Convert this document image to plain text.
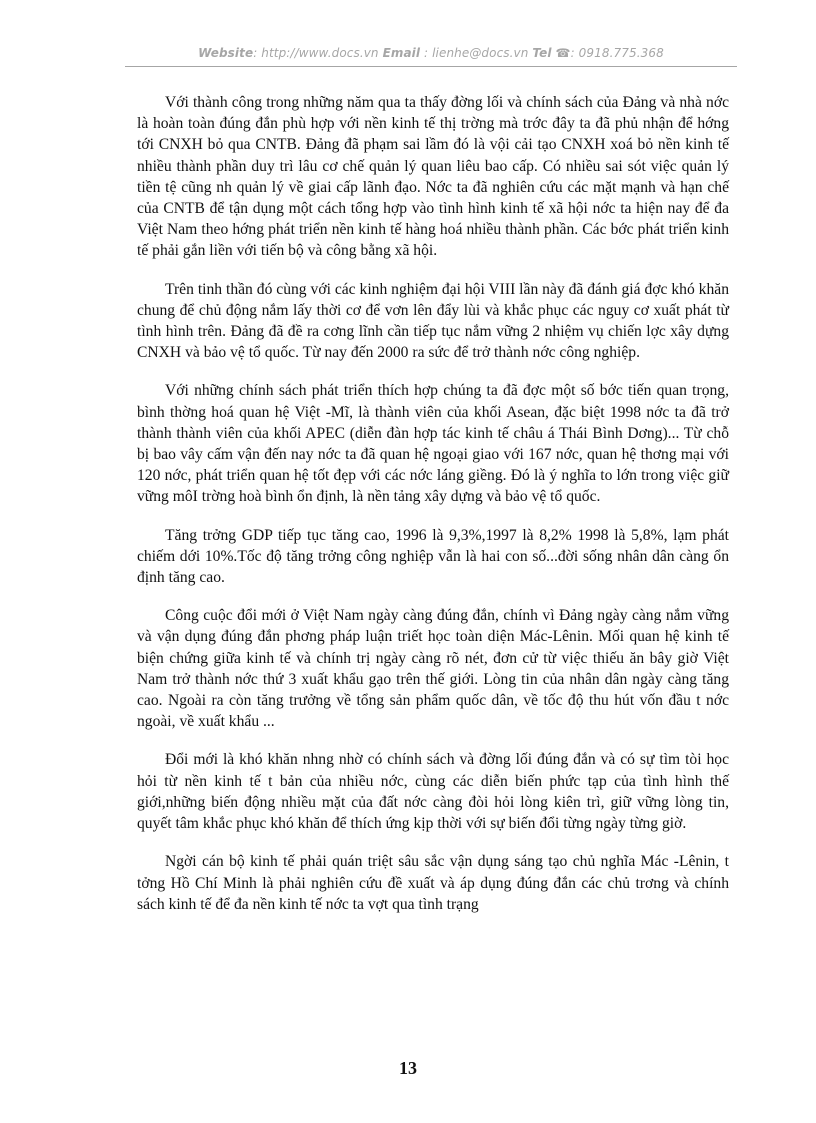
Website: http://www.docs.vn Email : lienhe@docs.vn Tel ☎: 0918.775.368

Với thành công trong những năm qua ta thấy đờng lối và chính sách của Đảng và nhà nớc là hoàn toàn đúng đắn phù hợp với nền kinh tế thị trờng mà trớc đây ta đã phủ nhận để hớng tới CNXH bỏ qua CNTB. Đảng đã phạm sai lầm đó là vội cải tạo CNXH xoá bỏ nền kinh tế nhiều thành phần duy trì lâu cơ chế quản lý quan liêu bao cấp. Có nhiều sai sót việc quản lý tiền tệ cũng nh quản lý về giai cấp lãnh đạo. Nớc ta đã nghiên cứu các mặt mạnh và hạn chế của CNTB để tận dụng một cách tổng hợp vào tình hình kinh tế xã hội nớc ta hiện nay để đa Việt Nam theo hớng phát triển nền kinh tế hàng hoá nhiều thành phần. Các bớc phát triển kinh tế phải gắn liền với tiến bộ và công bằng xã hội.

Trên tinh thần đó cùng với các kinh nghiệm đại hội VIII lần này đã đánh giá đợc khó khăn chung để chủ động nắm lấy thời cơ để vơn lên đẩy lùi và khắc phục các nguy cơ xuất phát từ tình hình trên. Đảng đã đề ra cơng lĩnh cần tiếp tục nắm vững 2 nhiệm vụ chiến lợc xây dựng CNXH và bảo vệ tổ quốc. Từ nay đến 2000 ra sức để trở thành nớc công nghiệp.

Với những chính sách phát triển thích hợp chúng ta đã đợc một số bớc tiến quan trọng, bình thờng hoá quan hệ Việt -Mĩ, là thành viên của khối Asean, đặc biệt 1998 nớc ta đã trở thành thành viên của khối APEC (diễn đàn hợp tác kinh tế châu á Thái Bình Dơng)... Từ chỗ bị bao vây cấm vận đến nay nớc ta đã quan hệ ngoại giao với 167 nớc, quan hệ thơng mại với 120 nớc, phát triển quan hệ tốt đẹp với các nớc láng giềng. Đó là ý nghĩa to lớn trong việc giữ vững môI trờng hoà bình ổn định, là nền tảng xây dựng và bảo vệ tổ quốc.

Tăng trởng GDP tiếp tục tăng cao, 1996 là 9,3%,1997 là 8,2% 1998 là 5,8%, lạm phát chiếm dới 10%.Tốc độ tăng trởng công nghiệp vẫn là hai con số...đời sống nhân dân càng ổn định tăng cao.

Công cuộc đổi mới ở Việt Nam ngày càng đúng đắn, chính vì Đảng ngày càng nắm vững và vận dụng đúng đắn phơng pháp luận triết học toàn diện Mác-Lênin. Mối quan hệ kinh tế biện chứng giữa kinh tế và chính trị ngày càng rõ nét, đơn cử từ việc thiếu ăn bây giờ Việt Nam trở thành nớc thứ 3 xuất khẩu gạo trên thế giới. Lòng tin của nhân dân ngày càng tăng cao. Ngoài ra còn tăng trưởng về tổng sản phẩm quốc dân, về tốc độ thu hút vốn đầu t nớc ngoài, về xuất khẩu ...

Đổi mới là khó khăn nhng nhờ có chính sách và đờng lối đúng đắn và có sự tìm tòi học hỏi từ nền kinh tế t bản của nhiều nớc, cùng các diễn biến phức tạp của tình hình thế giới,những biến động nhiều mặt của đất nớc càng đòi hỏi lòng kiên trì, giữ vững lòng tin, quyết tâm khắc phục khó khăn để thích ứng kịp thời với sự biến đổi từng ngày từng giờ.

Ngời cán bộ kinh tế phải quán triệt sâu sắc vận dụng sáng tạo chủ nghĩa Mác -Lênin, t tởng Hồ Chí Minh là phải nghiên cứu đề xuất và áp dụng đúng đắn các chủ trơng và chính sách kinh tế để đa nền kinh tế nớc ta vợt qua tình trạng

13
